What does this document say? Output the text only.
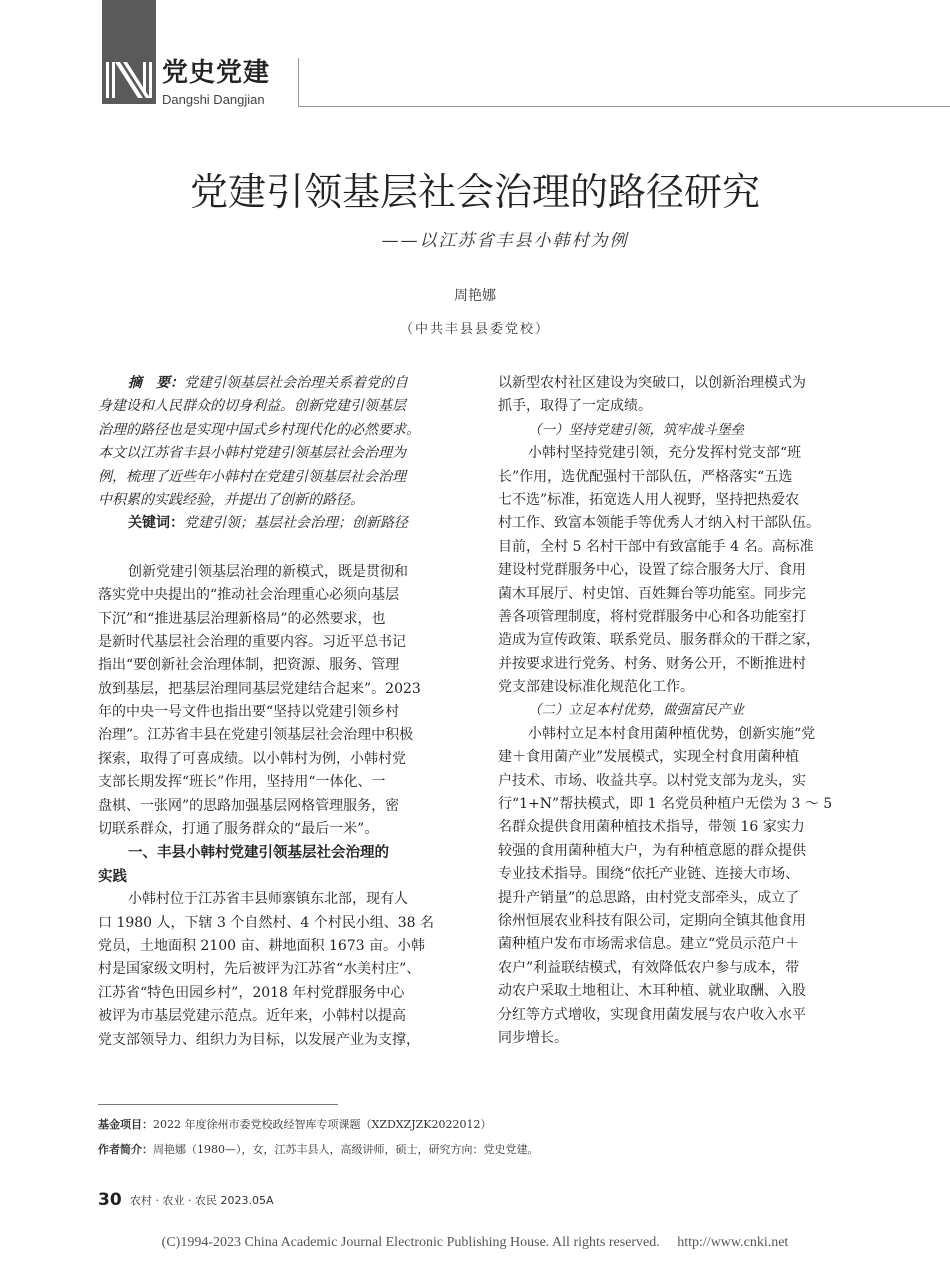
党史党建
Dangshi Dangjian
党建引领基层社会治理的路径研究
——以江苏省丰县小韩村为例
周艳娜
（中共丰县县委党校）
摘　要：党建引领基层社会治理关系着党的自
身建设和人民群众的切身利益。创新党建引领基层
治理的路径也是实现中国式乡村现代化的必然要求。
本文以江苏省丰县小韩村党建引领基层社会治理为
例，梳理了近些年小韩村在党建引领基层社会治理
中积累的实践经验，并提出了创新的路径。
关键词：党建引领；基层社会治理；创新路径
创新党建引领基层治理的新模式，既是贯彻和
落实党中央提出的“推动社会治理重心必须向基层
下沉”和“推进基层治理新格局”的必然要求，也
是新时代基层社会治理的重要内容。习近平总书记
指出“要创新社会治理体制，把资源、服务、管理
放到基层，把基层治理同基层党建结合起来”。2023
年的中央一号文件也指出要“坚持以党建引领乡村
治理”。江苏省丰县在党建引领基层社会治理中积极
探索，取得了可喜成绩。以小韩村为例，小韩村党
支部长期发挥“班长”作用，坚持用“一体化、一
盘棋、一张网”的思路加强基层网格管理服务，密
切联系群众，打通了服务群众的“最后一米”。
一、丰县小韩村党建引领基层社会治理的
实践
小韩村位于江苏省丰县师寨镇东北部，现有人
口 1980 人，下辖 3 个自然村、4 个村民小组、38 名
党员，土地面积 2100 亩、耕地面积 1673 亩。小韩
村是国家级文明村，先后被评为江苏省“水美村庄”、
江苏省“特色田园乡村”，2018 年村党群服务中心
被评为市基层党建示范点。近年来，小韩村以提高
党支部领导力、组织力为目标，以发展产业为支撑，
以新型农村社区建设为突破口，以创新治理模式为
抓手，取得了一定成绩。
（一）坚持党建引领，筑牢战斗堡垒
小韩村坚持党建引领，充分发挥村党支部“班
长”作用，选优配强村干部队伍，严格落实“五选
七不选”标准，拓宽选人用人视野，坚持把热爱农
村工作、致富本领能手等优秀人才纳入村干部队伍。
目前，全村 5 名村干部中有致富能手 4 名。高标准
建设村党群服务中心，设置了综合服务大厅、食用
菌木耳展厅、村史馆、百姓舞台等功能室。同步完
善各项管理制度，将村党群服务中心和各功能室打
造成为宣传政策、联系党员、服务群众的干群之家，
并按要求进行党务、村务、财务公开，不断推进村
党支部建设标准化规范化工作。
（二）立足本村优势，做强富民产业
小韩村立足本村食用菌种植优势，创新实施“党
建＋食用菌产业”发展模式，实现全村食用菌种植
户技术、市场、收益共享。以村党支部为龙头，实
行“1+N”帮扶模式，即 1 名党员种植户无偿为 3 ～ 5
名群众提供食用菌种植技术指导，带领 16 家实力
较强的食用菌种植大户，为有种植意愿的群众提供
专业技术指导。围绕“依托产业链、连接大市场、
提升产销量”的总思路，由村党支部牵头，成立了
徐州恒展农业科技有限公司，定期向全镇其他食用
菌种植户发布市场需求信息。建立“党员示范户＋
农户”利益联结模式，有效降低农户参与成本，带
动农户采取土地租让、木耳种植、就业取酬、入股
分红等方式增收，实现食用菌发展与农户收入水平
同步增长。
基金项目：2022 年度徐州市委党校政经智库专项课题（XZDXZJZK2022012）
作者简介：周艳娜（1980—），女，江苏丰县人，高级讲师，硕士，研究方向：党史党建。
30 农村 · 农业 · 农民 2023.05A
(C)1994-2023 China Academic Journal Electronic Publishing House. All rights reserved.　 http://www.cnki.net
